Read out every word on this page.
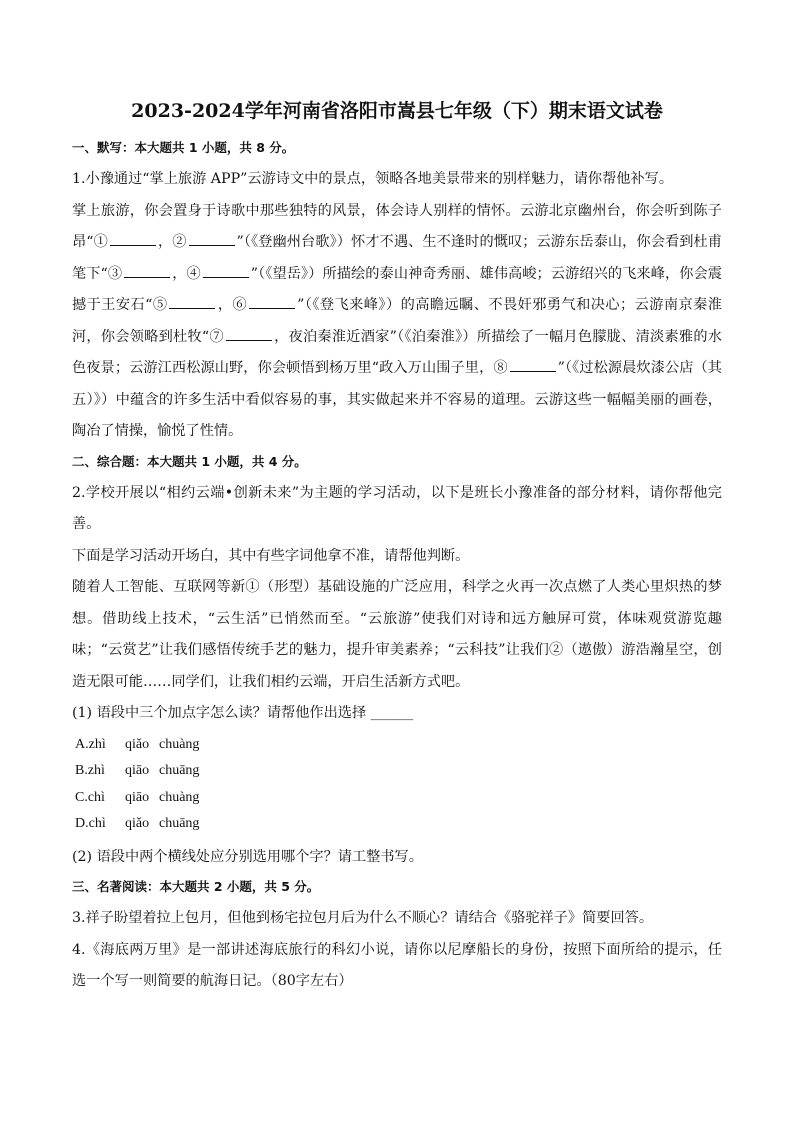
2023-2024学年河南省洛阳市嵩县七年级（下）期末语文试卷
一、默写：本大题共 1 小题，共 8 分。

1.小豫通过“掌上旅游 APP”云游诗文中的景点，领略各地美景带来的别样魅力，请你帮他补写。

掌上旅游，你会置身于诗歌中那些独特的风景，体会诗人别样的情怀。云游北京幽州台，你会听到陈子昂“①	，②	”（《登幽州台歌》）怀才不遇、生不逢时的慨叹；云游东岳泰山，你会看到杜甫笔下“③	，④	”（《望岳》）所描绘的泰山神奇秀丽、雄伟高峻；云游绍兴的飞来峰，你会震撼于王安石“⑤	，⑥	”（《登飞来峰》）的高瞻远瞩、不畏奸邪勇气和决心；云游南京秦淮河，你会领略到杜牧“⑦	，夜泊秦淮近酒家”（《泊秦淮》）所描绘了一幅月色朦胧、清淡素雅的水色夜景；云游江西松源山野，你会顿悟到杨万里“政入万山围子里，⑧	”（《过松源晨炊漆公店（其五）》）中蕴含的许多生活中看似容易的事，其实做起来并不容易的道理。云游这些一幅幅美丽的画卷，陶冶了情操，愉悦了性情。

二、综合题：本大题共 1 小题，共 4 分。

2.学校开展以“相约云端•创新未来”为主题的学习活动，以下是班长小豫准备的部分材料，请你帮他完善。

下面是学习活动开场白，其中有些字词他拿不准，请帮他判断。

随着人工智能、互联网等新①（形型）基础设施的广泛应用，科学之火再一次点燃了人类心里炽热的梦想。借助线上技术，“云生活”已悄然而至。“云旅游”使我们对诗和远方触屏可赏，体味观赏游览趣味；“云赏艺”让我们感悟传统手艺的魅力，提升审美素养；“云科技”让我们②（遨傲）游浩瀚星空，创造无限可能……同学们，让我们相约云端，开启生活新方式吧。

(1) 语段中三个加点字怎么读？请帮他作出选择 ______

A.zhì qiǎo chuàng
B.zhì qiāo chuāng
C.chì qiāo chuàng
D.chì qiǎo chuāng

(2) 语段中两个横线处应分别选用哪个字？请工整书写。

三、名著阅读：本大题共 2 小题，共 5 分。

3.祥子盼望着拉上包月，但他到杨宅拉包月后为什么不顺心？请结合《骆驼祥子》简要回答。

4.《海底两万里》是一部讲述海底旅行的科幻小说，请你以尼摩船长的身份，按照下面所给的提示，任选一个写一则简要的航海日记。（80字左右）
